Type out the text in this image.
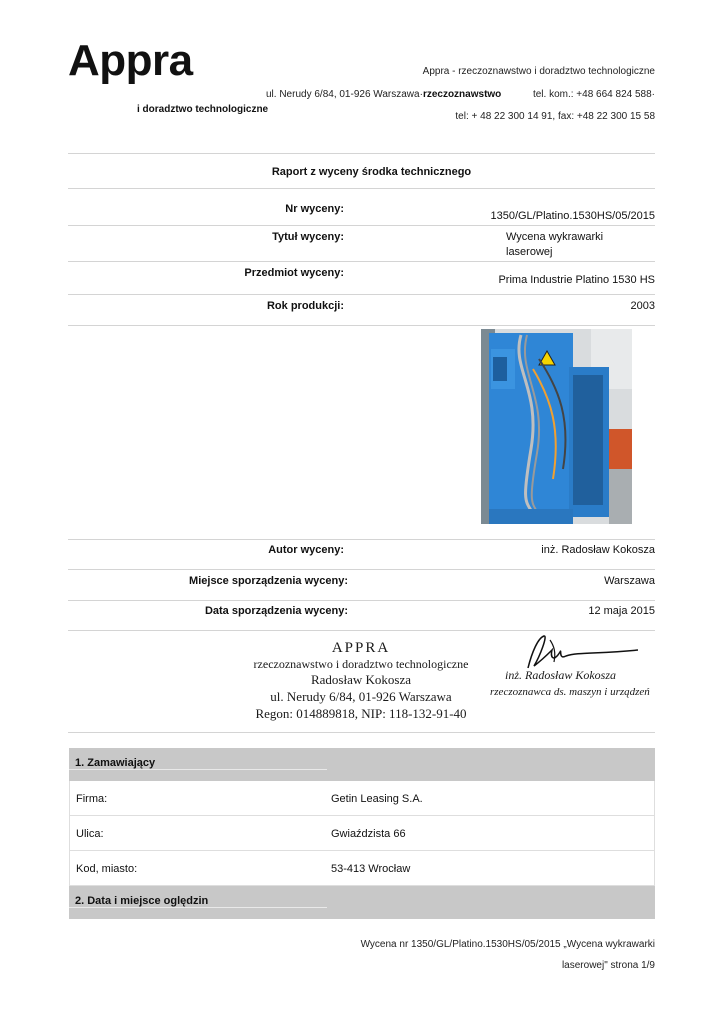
Appra	Appra - rzeczoznawstwo i doradztwo technologiczne
ul. Nerudy 6/84, 01-926 Warszawa·rzeczoznawstwo	tel. kom.: +48 664 824 588·
i doradztwo technologiczne
tel: + 48 22 300 14 91, fax: +48 22 300 15 58
Raport z wyceny środka technicznego
Nr wyceny:
1350/GL/Platino.1530HS/05/2015
Tytuł wyceny:	Wycena wykrawarki
laserowej
Przedmiot wyceny:
Prima Industrie Platino 1530 HS
Rok produkcji:	2003
Autor wyceny:	inż. Radosław Kokosza
Miejsce sporządzenia wyceny:	Warszawa
Data sporządzenia wyceny:	12 maja 2015
APPRA
rzeczoznawstwo i doradztwo technologiczne
Radosław Kokosza
ul. Nerudy 6/84, 01-926 Warszawa
Regon: 014889818, NIP: 118-132-91-40
inż. Radosław Kokosza
rzeczoznawca ds. maszyn i urządzeń
1. Zamawiający
Firma:	Getin Leasing S.A.
Ulica:	Gwiaździsta 66
Kod, miasto:	53-413 Wrocław
2. Data i miejsce oględzin
Wycena nr 1350/GL/Platino.1530HS/05/2015 „Wycena wykrawarki
laserowej" strona 1/9
